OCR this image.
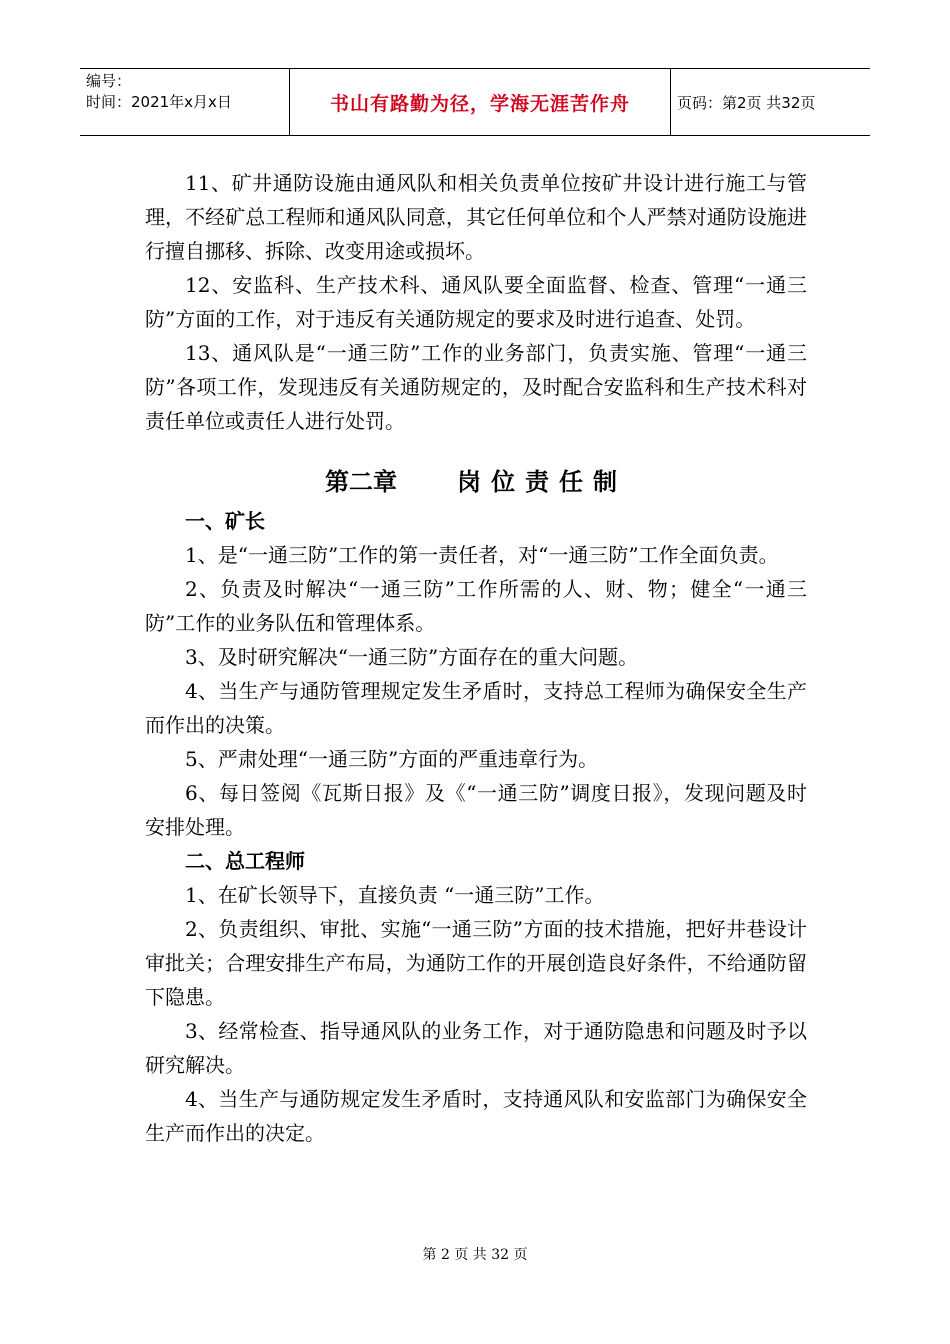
编号：
时间：2021年x月x日	书山有路勤为径，学海无涯苦作舟	页码：第2页 共32页

11、矿井通防设施由通风队和相关负责单位按矿井设计进行施工与管理，不经矿总工程师和通风队同意，其它任何单位和个人严禁对通防设施进行擅自挪移、拆除、改变用途或损坏。

12、安监科、生产技术科、通风队要全面监督、检查、管理“一通三防”方面的工作，对于违反有关通防规定的要求及时进行追查、处罚。

13、通风队是“一通三防”工作的业务部门，负责实施、管理“一通三防”各项工作，发现违反有关通防规定的，及时配合安监科和生产技术科对责任单位或责任人进行处罚。

第二章	岗位责任制

一、矿长

1、是“一通三防”工作的第一责任者，对“一通三防”工作全面负责。

2、负责及时解决“一通三防”工作所需的人、财、物；健全“一通三防”工作的业务队伍和管理体系。

3、及时研究解决“一通三防”方面存在的重大问题。

4、当生产与通防管理规定发生矛盾时，支持总工程师为确保安全生产而作出的决策。

5、严肃处理“一通三防”方面的严重违章行为。

6、每日签阅《瓦斯日报》及《“一通三防”调度日报》，发现问题及时安排处理。

二、总工程师

1、在矿长领导下，直接负责 “一通三防”工作。

2、负责组织、审批、实施“一通三防”方面的技术措施，把好井巷设计审批关；合理安排生产布局，为通防工作的开展创造良好条件，不给通防留下隐患。

3、经常检查、指导通风队的业务工作，对于通防隐患和问题及时予以研究解决。

4、当生产与通防规定发生矛盾时，支持通风队和安监部门为确保安全生产而作出的决定。

第 2 页 共 32 页
